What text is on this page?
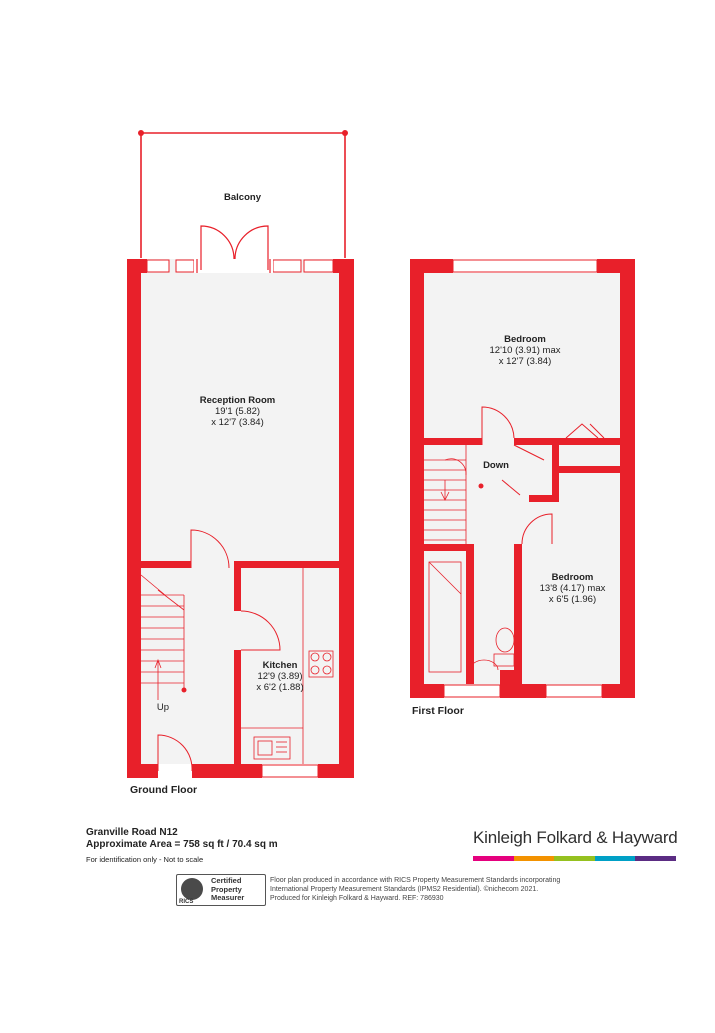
Balcony
Reception Room
19'1 (5.82)
x 12'7 (3.84)
Kitchen
12'9 (3.89)
x 6'2 (1.88)
Up
Bedroom
12'10 (3.91) max
x 12'7 (3.84)
Down
Bedroom
13'8 (4.17) max
x 6'5 (1.96)
Ground Floor
First Floor
Granville Road N12
Approximate Area = 758 sq ft / 70.4 sq m
For identification only - Not to scale
Kinleigh Folkard & Hayward
RICS
Certified
Property
Measurer
Floor plan produced in accordance with RICS Property Measurement Standards incorporating
International Property Measurement Standards (IPMS2 Residential). ©nichecom 2021.
Produced for Kinleigh Folkard & Hayward. REF: 786930
